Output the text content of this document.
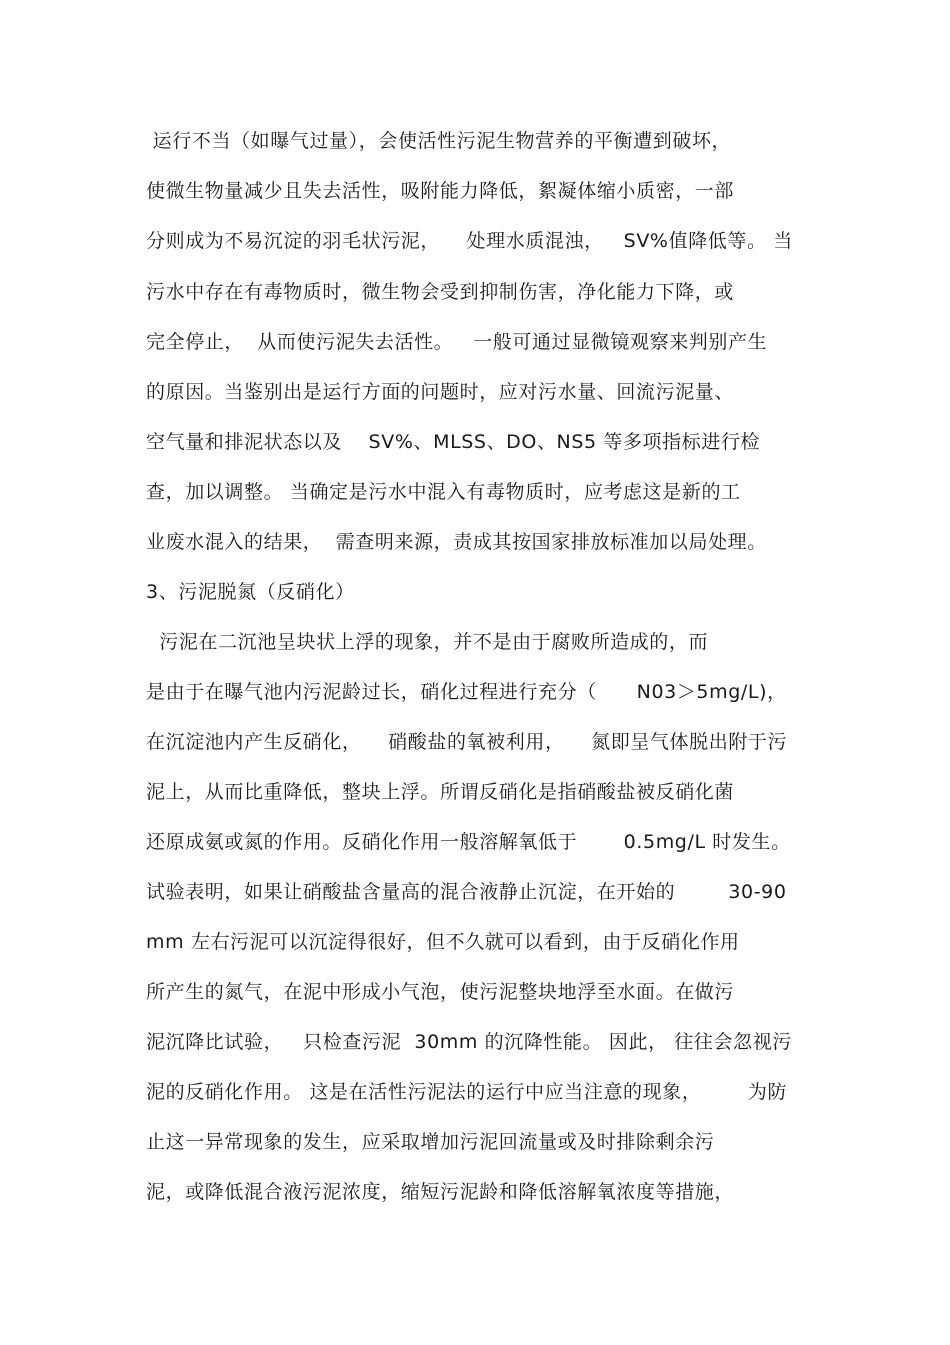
运行不当（如曝气过量），会使活性污泥生物营养的平衡遭到破坏，
使微生物量减少且失去活性，吸附能力降低，絮凝体缩小质密，一部
分则成为不易沉淀的羽毛状污泥，    处理水质混浊，   SV%值降低等。 当
污水中存在有毒物质时，微生物会受到抑制伤害，净化能力下降，或
完全停止，  从而使污泥失去活性。   一般可通过显微镜观察来判别产生
的原因。当鉴别出是运行方面的问题时，应对污水量、回流污泥量、
空气量和排泥状态以及    SV%、MLSS、DO、NS5 等多项指标进行检
查，加以调整。 当确定是污水中混入有毒物质时，应考虑这是新的工
业废水混入的结果，  需查明来源，责成其按国家排放标准加以局处理。
3、污泥脱氮（反硝化）
污泥在二沉池呈块状上浮的现象，并不是由于腐败所造成的，而
是由于在曝气池内污泥龄过长，硝化过程进行充分（      N03＞5mg/L)，
在沉淀池内产生反硝化，    硝酸盐的氧被利用，    氮即呈气体脱出附于污
泥上，从而比重降低，整块上浮。所谓反硝化是指硝酸盐被反硝化菌
还原成氨或氮的作用。反硝化作用一般溶解氧低于       0.5mg/L 时发生。
试验表明，如果让硝酸盐含量高的混合液静止沉淀，在开始的        30-90
mm 左右污泥可以沉淀得很好，但不久就可以看到，由于反硝化作用
所产生的氮气，在泥中形成小气泡，使污泥整块地浮至水面。在做污
泥沉降比试验，   只检查污泥  30mm 的沉降性能。 因此， 往往会忽视污
泥的反硝化作用。 这是在活性污泥法的运行中应当注意的现象，       为防
止这一异常现象的发生，应采取增加污泥回流量或及时排除剩余污
泥，或降低混合液污泥浓度，缩短污泥龄和降低溶解氧浓度等措施，
